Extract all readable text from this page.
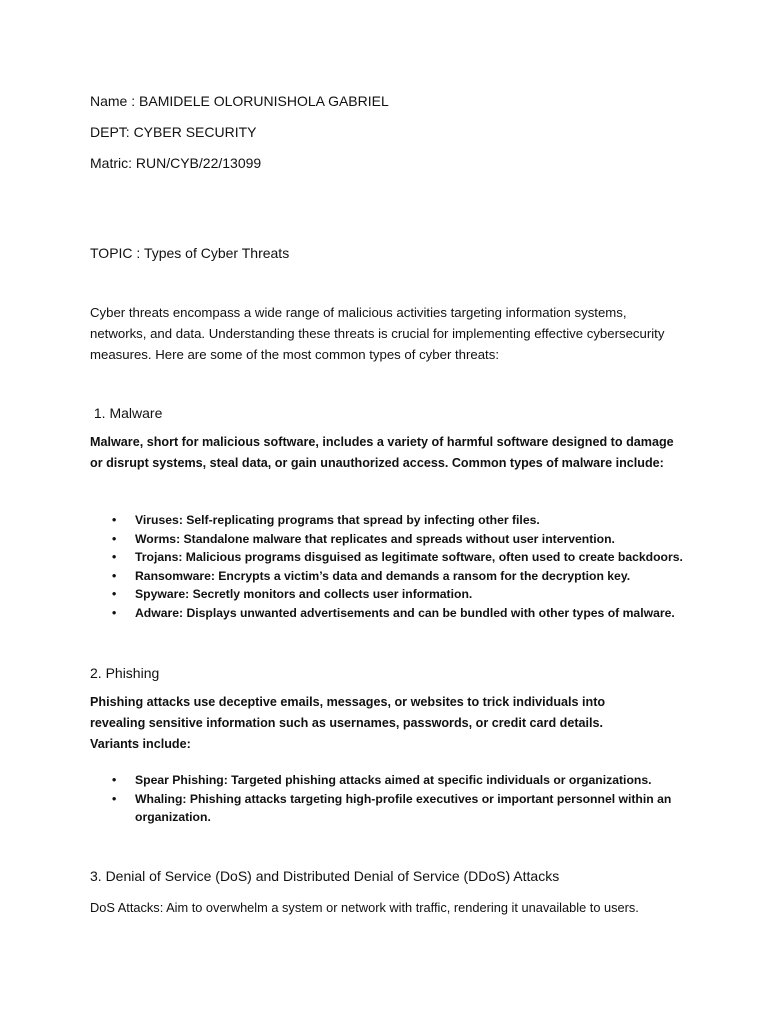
Name : BAMIDELE OLORUNISHOLA GABRIEL
DEPT: CYBER SECURITY
Matric: RUN/CYB/22/13099
TOPIC : Types of Cyber Threats
Cyber threats encompass a wide range of malicious activities targeting information systems, networks, and data. Understanding these threats is crucial for implementing effective cybersecurity measures. Here are some of the most common types of cyber threats:
1. Malware
Malware, short for malicious software, includes a variety of harmful software designed to damage or disrupt systems, steal data, or gain unauthorized access. Common types of malware include:
• Viruses: Self-replicating programs that spread by infecting other files.
• Worms: Standalone malware that replicates and spreads without user intervention.
• Trojans: Malicious programs disguised as legitimate software, often used to create backdoors.
• Ransomware: Encrypts a victim’s data and demands a ransom for the decryption key.
• Spyware: Secretly monitors and collects user information.
• Adware: Displays unwanted advertisements and can be bundled with other types of malware.
2. Phishing
Phishing attacks use deceptive emails, messages, or websites to trick individuals into revealing sensitive information such as usernames, passwords, or credit card details. Variants include:
• Spear Phishing: Targeted phishing attacks aimed at specific individuals or organizations.
• Whaling: Phishing attacks targeting high-profile executives or important personnel within an organization.
3. Denial of Service (DoS) and Distributed Denial of Service (DDoS) Attacks
DoS Attacks: Aim to overwhelm a system or network with traffic, rendering it unavailable to users.
